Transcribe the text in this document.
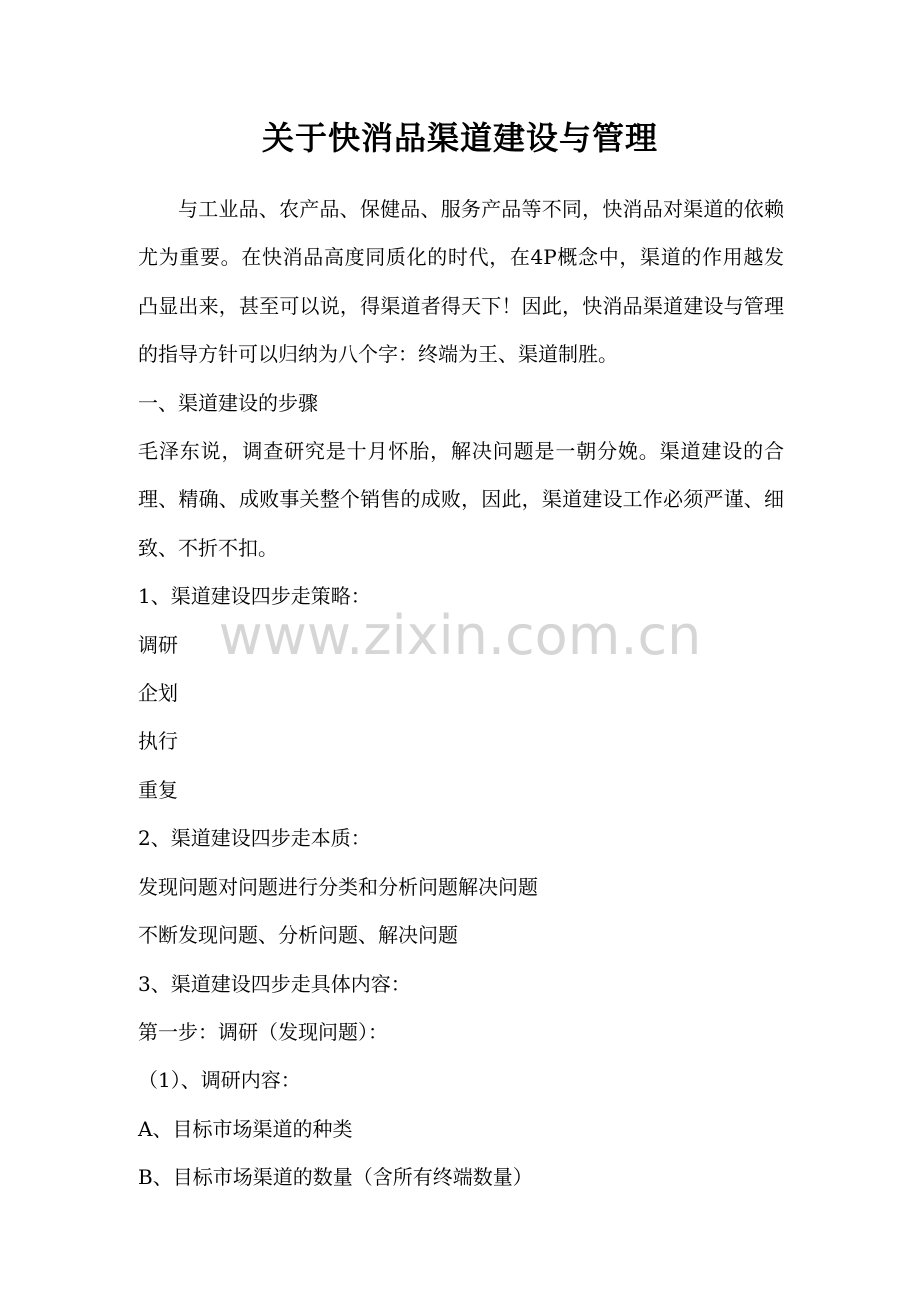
关于快消品渠道建设与管理

与工业品、农产品、保健品、服务产品等不同，快消品对渠道的依赖尤为重要。在快消品高度同质化的时代，在4P概念中，渠道的作用越发凸显出来，甚至可以说，得渠道者得天下！因此，快消品渠道建设与管理的指导方针可以归纳为八个字：终端为王、渠道制胜。

一、渠道建设的步骤

毛泽东说，调查研究是十月怀胎，解决问题是一朝分娩。渠道建设的合理、精确、成败事关整个销售的成败，因此，渠道建设工作必须严谨、细致、不折不扣。

1、渠道建设四步走策略：

调研

企划

执行

重复

2、渠道建设四步走本质：

发现问题对问题进行分类和分析问题解决问题

不断发现问题、分析问题、解决问题

3、渠道建设四步走具体内容：

第一步：调研（发现问题）：

（1）、调研内容：

A、目标市场渠道的种类

B、目标市场渠道的数量（含所有终端数量）

www.zixin.com.cn
